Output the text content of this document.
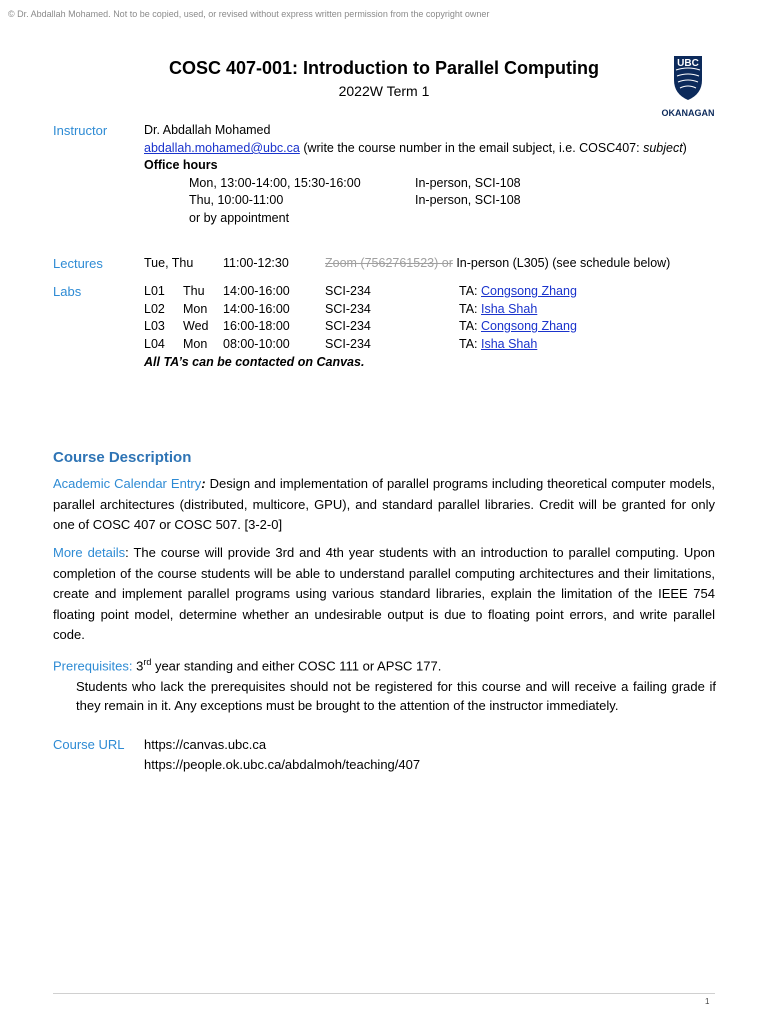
© Dr. Abdallah Mohamed. Not to be copied, used, or revised without express written permission from the copyright owner
COSC 407-001: Introduction to Parallel Computing
2022W Term 1
UBC
OKANAGAN
Instructor	Dr. Abdallah Mohamed
abdallah.mohamed@ubc.ca (write the course number in the email subject, i.e. COSC407: subject)
Office hours
Mon, 13:00-14:00, 15:30-16:00	In-person, SCI-108
Thu, 10:00-11:00	In-person, SCI-108
or by appointment
Lectures	Tue, Thu 11:00-12:30	Zoom (7562761523) or In-person (L305) (see schedule below)
Labs	L01 Thu 14:00-16:00	SCI-234	TA: Congsong Zhang
L02 Mon 14:00-16:00	SCI-234	TA: Isha Shah
L03 Wed 16:00-18:00	SCI-234	TA: Congsong Zhang
L04 Mon 08:00-10:00	SCI-234	TA: Isha Shah
All TA’s can be contacted on Canvas.
Course Description
Academic Calendar Entry: Design and implementation of parallel programs including theoretical computer models, parallel architectures (distributed, multicore, GPU), and standard parallel libraries. Credit will be granted for only one of COSC 407 or COSC 507. [3-2-0]
More details: The course will provide 3rd and 4th year students with an introduction to parallel computing. Upon completion of the course students will be able to understand parallel computing architectures and their limitations, create and implement parallel programs using various standard libraries, explain the limitation of the IEEE 754 floating point model, determine whether an undesirable output is due to floating point errors, and write parallel code.
Prerequisites: 3rd year standing and either COSC 111 or APSC 177.
Students who lack the prerequisites should not be registered for this course and will receive a failing grade if they remain in it. Any exceptions must be brought to the attention of the instructor immediately.
Course URL https://canvas.ubc.ca
https://people.ok.ubc.ca/abdalmoh/teaching/407
1
